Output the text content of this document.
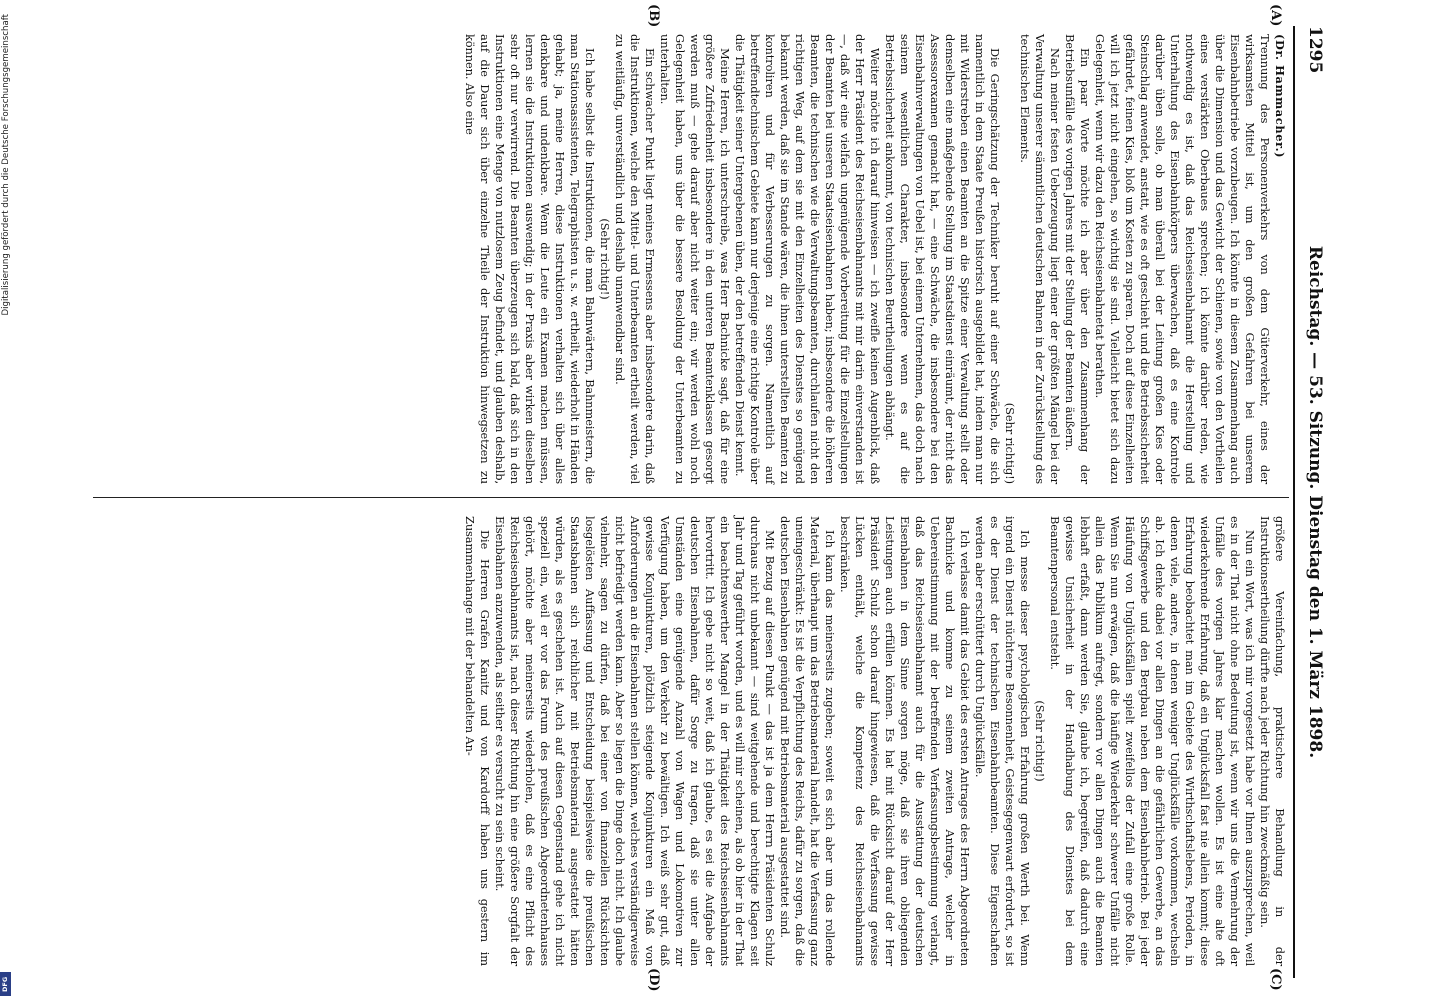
Digitalisierung gefördert durch die Deutsche Forschungsgemeinschaft
DFG
1295
Reichstag. — 53. Sitzung. Dienstag den 1. März 1898.

(Dr. Hammacher.)

Trennung des Personenverkehrs von dem Güterverkehr, eines der wirksamsten Mittel ist, um den großen Gefahren bei unserem Eisenbahnbetriebe vorzubeugen. Ich könnte in diesem Zusammenhang auch über die Dimension und das Gewicht der Schienen, sowie von den Vortheilen eines verstärkten Oberbaues sprechen; ich könnte darüber reden, wie nothwendig es ist, daß das Reichseisenbahnamt die Herstellung und Unterhaltung des Eisenbahnkörpers überwachen, daß es eine Kontrole darüber üben solle, ob man überall bei der Leitung großen Kies oder Steinschlag anwendet, anstatt, wie es oft geschieht und die Betriebssicherheit gefährdet, feinen Kies, bloß um Kosten zu sparen. Doch auf diese Einzelheiten will ich jetzt nicht eingehen, so wichtig sie sind. Vielleicht bietet sich dazu Gelegenheit, wenn wir dazu den Reichseisenbahnetat berathen.

Ein paar Worte möchte ich aber über den Zusammenhang der Betriebsunfälle des vorigen Jahres mit der Stellung der Beamten äußern.

Nach meiner festen Ueberzeugung liegt einer der größten Mängel bei der Verwaltung unserer sämmtlichen deutschen Bahnen in der Zurückstellung des technischen Elements.

(Sehr richtig!)

Die Geringschätzung der Techniker beruht auf einer Schwäche, die sich namentlich in dem Staate Preußen historisch ausgebildet hat, indem man nur mit Widerstreben einen Beamten an die Spitze einer Verwaltung stellt oder demselben eine maßgebende Stellung im Staatsdienst einräumt, der nicht das Assessorexamen gemacht hat, — eine Schwäche, die insbesondere bei den Eisenbahnverwaltungen von Uebel ist, bei einem Unternehmen, das doch nach seinem wesentlichen Charakter, insbesondere wenn es auf die Betriebssicherheit ankommt, von technischen Beurtheilungen abhängt.

Weiter möchte ich darauf hinweisen — ich zweifle keinen Augenblick, daß der Herr Präsident des Reichseisenbahnamts mit mir darin einverstanden ist —, daß wir eine vielfach ungenügende Vorbereitung für die Einzelstellungen der Beamten bei unseren Staatseisenbahnen haben; insbesondere die höheren Beamten, die technischen wie die Verwaltungsbeamten, durchlaufen nicht den richtigen Weg, auf dem sie mit den Einzelheiten des Dienstes so genügend bekannt werden, daß sie im Stande wären, die ihnen unterstellten Beamten zu kontroliren und für Verbesserungen zu sorgen. Namentlich auf betreffendtechnischem Gebiete kann nur derjenige eine richtige Kontrole über die Thätigkeit seiner Untergebenen üben, der den betreffenden Dienst kennt.

Meine Herren, ich unterschreibe, was Herr Bachnicke sagt, daß für eine größere Zufriedenheit insbesondere in den unteren Beamtenklassen gesorgt werden muß — gehe darauf aber nicht weiter ein; wir werden wohl noch Gelegenheit haben, uns über die bessere Besoldung der Unterbeamten zu unterhalten.

Ein schwacher Punkt liegt meines Ermessens aber insbesondere darin, daß die Instruktionen, welche den Mittel- und Unterbeamten ertheilt werden, viel zu weitläufig, unverständlich und deshalb unanwendbar sind.

(Sehr richtig!)

Ich habe selbst die Instruktionen, die man Bahnwärtern, Bahnmeistern, die man Stationsassistenten, Telegraphisten u. s. w. ertheilt, wiederholt in Händen gehabt; ja, meine Herren, diese Instruktionen verhalten sich über alles denkbare und undenkbare. Wenn die Leute ein Examen machen müssen, lernen sie die Instruktionen auswendig; in der Praxis aber wirken dieselben sehr oft nur verwirrend. Die Beamten überzeugen sich bald, daß sich in den Instruktionen eine Menge von nutzlosem Zeug befindet, und glauben deshalb, auf die Dauer sich über einzelne Theile der Instruktion hinwegsetzen zu können. Also eine

größere Vereinfachung, praktischere Behandlung in der Instruktionsertheilung dürfte nach jeder Richtung hin zweckmäßig sein.

Nun ein Wort, was ich mir vorgesetzt habe vor Ihnen auszusprechen, weil es in der That nicht ohne Bedeutung ist, wenn wir uns die Vermehrung der Unfälle des vorigen Jahres klar machen wollen. Es ist eine alte oft wiederkehrende Erfahrung, daß ein Unglücksfall fast nie allein kommt; diese Erfahrung beobachtet man im Gebiete des Wirthschaftslebens, Perioden, in denen viele, andere, in denen weniger Unglücksfälle vorkommen, wechseln ab. Ich denke dabei vor allen Dingen an die gefährlichen Gewerbe, an das Schiffsgewerbe und den Bergbau neben dem Eisenbahnbetrieb. Bei jeder Häufung von Unglücksfällen spielt zweifellos der Zufall eine große Rolle. Wenn Sie nun erwägen, daß die häufige Wiederkehr schwerer Unfälle nicht allein das Publikum aufregt, sondern vor allen Dingen auch die Beamten lebhaft erfaßt, dann werden Sie, glaube ich, begreifen, daß dadurch eine gewisse Unsicherheit in der Handhabung des Dienstes bei dem Beamtenpersonal entsteht.

(Sehr richtig!)

Ich messe dieser psychologischen Erfahrung großen Werth bei. Wenn irgend ein Dienst nüchterne Besonnenheit, Geistesgegenwart erfordert, so ist es der Dienst der technischen Eisenbahnbeamten. Diese Eigenschaften werden aber erschüttert durch Unglücksfälle.

Ich verlasse damit das Gebiet des ersten Antrages des Herrn Abgeordneten Bachnicke und komme zu seinem zweiten Antrage, welcher in Uebereinstimmung mit der betreffenden Verfassungsbestimmung verlangt, daß das Reichseisenbahnamt auch für die Ausstattung der deutschen Eisenbahnen in dem Sinne sorgen möge, daß sie ihren obliegenden Leistungen auch erfüllen können. Es hat mit Rücksicht darauf der Herr Präsident Schulz schon darauf hingewiesen, daß die Verfassung gewisse Lücken enthält, welche die Kompetenz des Reichseisenbahnamts beschränken.

Ich kann das meinerseits zugeben; soweit es sich aber um das rollende Material, überhaupt um das Betriebsmaterial handelt, hat die Verfassung ganz uneingeschränkt: Es ist die Verpflichtung des Reichs, dafür zu sorgen, daß die deutschen Eisenbahnen genügend mit Betriebsmaterial ausgestattet sind.

Mit Bezug auf diesen Punkt — das ist ja dem Herrn Präsidenten Schulz durchaus nicht unbekannt — sind weitgehende und berechtigte Klagen seit Jahr und Tag geführt worden, und es will mir scheinen, als ob hier in der That ein beachtenswerther Mangel in der Thätigkeit des Reichseisenbahnamts hervortritt. Ich gebe nicht so weit, daß ich glaube, es sei die Aufgabe der deutschen Eisenbahnen, dafür Sorge zu tragen, daß sie unter allen Umständen eine genügende Anzahl von Wagen und Lokomotiven zur Verfügung haben, um den Verkehr zu bewältigen. Ich weiß sehr gut, daß gewisse Konjunkturen, plötzlich steigende Konjunkturen ein Maß von Anforderungen an die Eisenbahnen stellen können, welches verständigerweise nicht befriedigt werden kann. Aber so liegen die Dinge doch nicht. Ich glaube vielmehr, sagen zu dürfen, daß bei einer von finanziellen Rücksichten losgelösten Auffassung und Entscheidung beispielsweise die preußischen Staatsbahnen sich reichlicher mit Betriebsmaterial ausgestattet hätten würden, als es geschehen ist. Auch auf diesen Gegenstand gehe ich nicht speziell ein, weil er vor das Forum des preußischen Abgeordnetenhauses gehört, möchte aber meinerseits wiederholen, daß es eine Pflicht des Reichseisenbahnamts ist, nach dieser Richtung hin eine größere Sorgfalt der Eisenbahnen anzuwenden, als seither es versucht zu sein scheint.

Die Herren Grafen Kanitz und von Kardorff haben uns gestern im Zusammenhange mit der behandelten An-

(A)
(B)
(C)
(D)
